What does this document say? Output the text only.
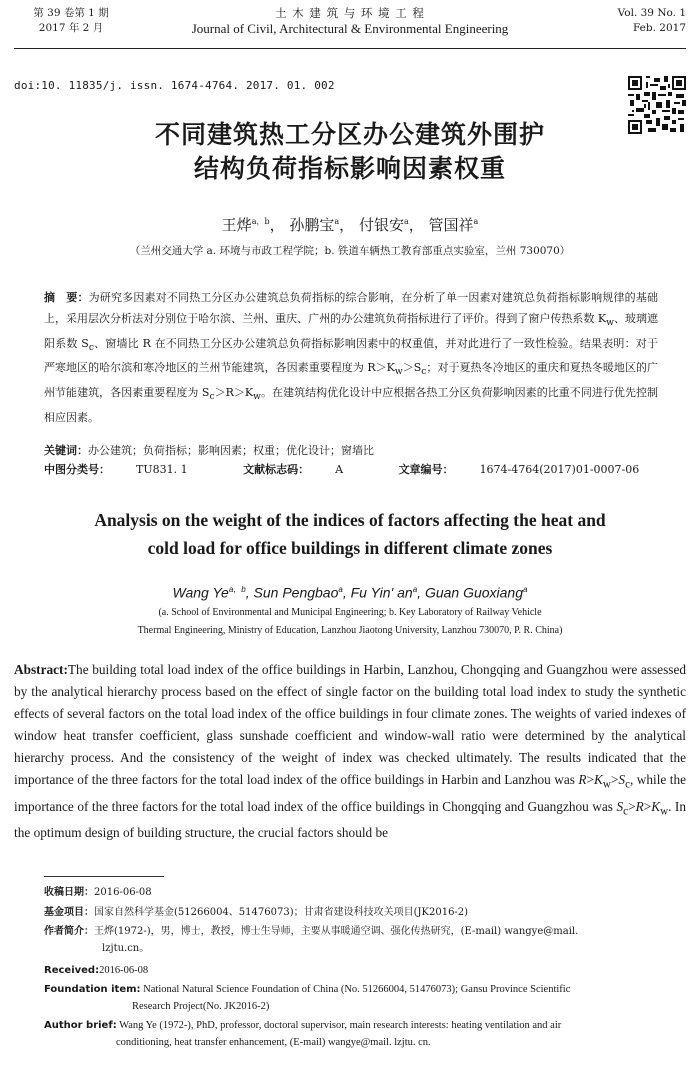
第 39 卷第 1 期
2017 年 2 月
土 木 建 筑 与 环 境 工 程
Journal of Civil, Architectural & Environmental Engineering
Vol. 39 No. 1
Feb. 2017
doi:10. 11835/j. issn. 1674-4764. 2017. 01. 002
不同建筑热工分区办公建筑外围护
结构负荷指标影响因素权重
王烨$^{a,b}$， 孙鹏宝$^a$， 付银安$^a$， 管国祥$^a$
（兰州交通大学 a. 环境与市政工程学院；b. 铁道车辆热工教育部重点实验室，兰州 730070）
摘　要：为研究多因素对不同热工分区办公建筑总负荷指标的综合影响，在分析了单一因素对建筑总负荷指标影响规律的基础上，采用层次分析法对分别位于哈尔滨、兰州、重庆、广州的办公建筑负荷指标进行了评价。得到了窗户传热系数 $K_w$、玻璃遮阳系数 $S_c$、窗墙比 R 在不同热工分区办公建筑总负荷指标影响因素中的权重值，并对此进行了一致性检验。结果表明：对于严寒地区的哈尔滨和寒冷地区的兰州节能建筑，各因素重要程度为 $R>K_w>S_c$；对于夏热冬冷地区的重庆和夏热冬暖地区的广州节能建筑，各因素重要程度为 $S_c>R>K_w$。在建筑结构优化设计中应根据各热工分区负荷影响因素的比重不同进行优先控制相应因素。
关键词：办公建筑；负荷指标；影响因素；权重；优化设计；窗墙比
中图分类号： TU831. 1	文献标志码： A	文章编号： 1674-4764(2017)01-0007-06
Analysis on the weight of the indices of factors affecting the heat and
cold load for office buildings in different climate zones
Wang $Ye^{a,b}$, Sun Pengbao$^a$, Fu Yin' $an^a$, Guan Guoxiang$^a$
(a. School of Environmental and Municipal Engineering; b. Key Laboratory of Railway Vehicle
Thermal Engineering, Ministry of Education, Lanzhou Jiaotong University, Lanzhou 730070, P. R. China)
Abstract:The building total load index of the office buildings in Harbin, Lanzhou, Chongqing and Guangzhou were assessed by the analytical hierarchy process based on the effect of single factor on the building total load index to study the synthetic effects of several factors on the total load index of the office buildings in four climate zones. The weights of varied indexes of window heat transfer coefficient, glass sunshade coefficient and window-wall ratio were determined by the analytical hierarchy process. And the consistency of the weight of index was checked ultimately. The results indicated that the importance of the three factors for the total load index of the office buildings in Harbin and Lanzhou was $R>K_w>S_c$, while the importance of the three factors for the total load index of the office buildings in Chongqing and Guangzhou was $S_c>R>K_w$. In the optimum design of building structure, the crucial factors should be
收稿日期：2016-06-08
基金项目：国家自然科学基金(51266004、51476073)；甘肃省建设科技攻关项目(JK2016-2)
作者简介：王烨(1972-)，男，博士，教授，博士生导师，主要从事暖通空调、强化传热研究，(E-mail) wangye@mail.
lzjtu.cn。
Received:2016-06-08
Foundation item: National Natural Science Foundation of China (No. 51266004, 51476073); Gansu Province Scientific
Research Project(No. JK2016-2)
Author brief: Wang Ye (1972-), PhD, professor, doctoral supervisor, main research interests: heating ventilation and air
conditioning, heat transfer enhancement, (E-mail) wangye@mail. lzjtu. cn.
